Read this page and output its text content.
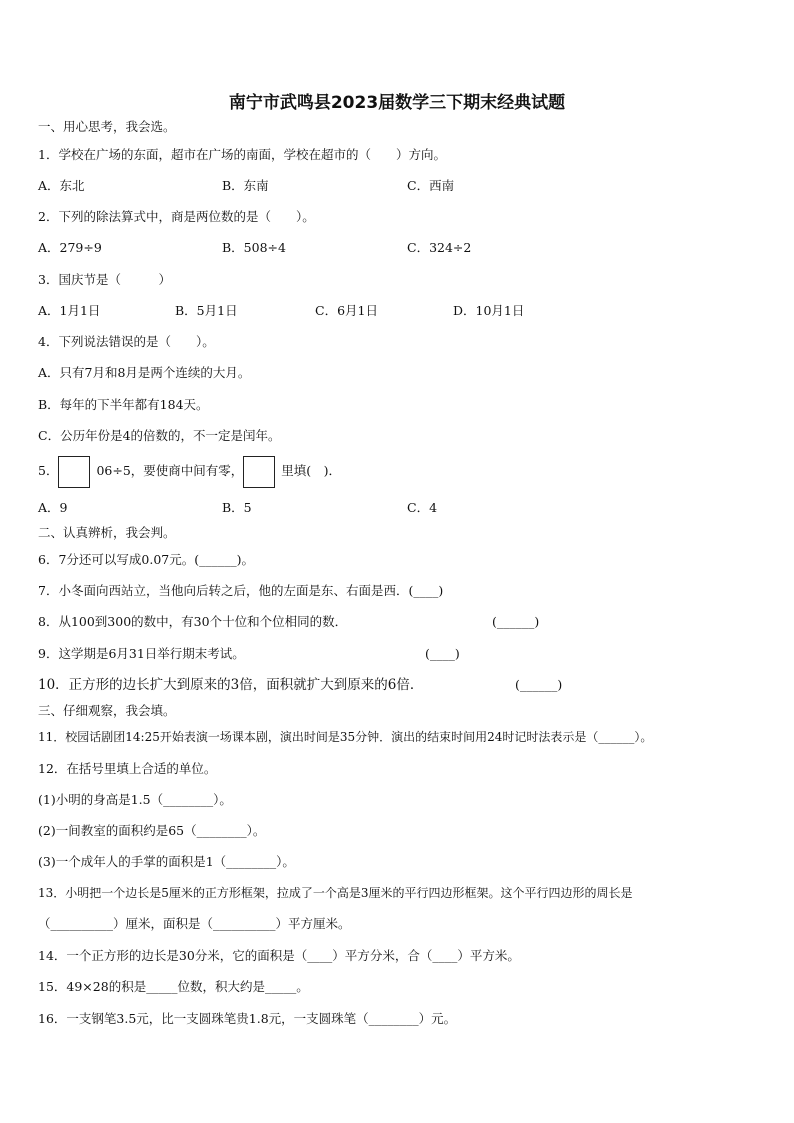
南宁市武鸣县2023届数学三下期末经典试题
一、用心思考，我会选。
1．学校在广场的东面，超市在广场的南面，学校在超市的（　　）方向。
A．东北	B．东南	C．西南
2．下列的除法算式中，商是两位数的是（　　）。
A．279÷9	B．508÷4	C．324÷2
3．国庆节是（　　　）
A．1月1日	B．5月1日	C．6月1日	D．10月1日
4．下列说法错误的是（　　）。
A．只有7月和8月是两个连续的大月。
B．每年的下半年都有184天。
C．公历年份是4的倍数的，不一定是闰年。
5．	06÷5，要使商中间有零，	里填(　)．
A．9	B．5	C．4
二、认真辨析，我会判。
6．7分还可以写成0.07元。(______)。
7．小冬面向西站立，当他向后转之后，他的左面是东、右面是西．(____)
8．从100到300的数中，有30个十位和个位相同的数．	(______)
9．这学期是6月31日举行期末考试。	(____)
10．正方形的边长扩大到原来的3倍，面积就扩大到原来的6倍．	(______)
三、仔细观察，我会填。
11．校园话剧团14:25开始表演一场课本剧，演出时间是35分钟．演出的结束时间用24时记时法表示是（______）。
12．在括号里填上合适的单位。
(1)小明的身高是1.5（________）。
(2)一间教室的面积约是65（________）。
(3)一个成年人的手掌的面积是1（________）。
13．小明把一个边长是5厘米的正方形框架，拉成了一个高是3厘米的平行四边形框架。这个平行四边形的周长是
（__________）厘米，面积是（__________）平方厘米。
14．一个正方形的边长是30分米，它的面积是（____）平方分米，合（____）平方米。
15．49×28的积是_____位数，积大约是_____。
16．一支钢笔3.5元，比一支圆珠笔贵1.8元，一支圆珠笔（________）元。
